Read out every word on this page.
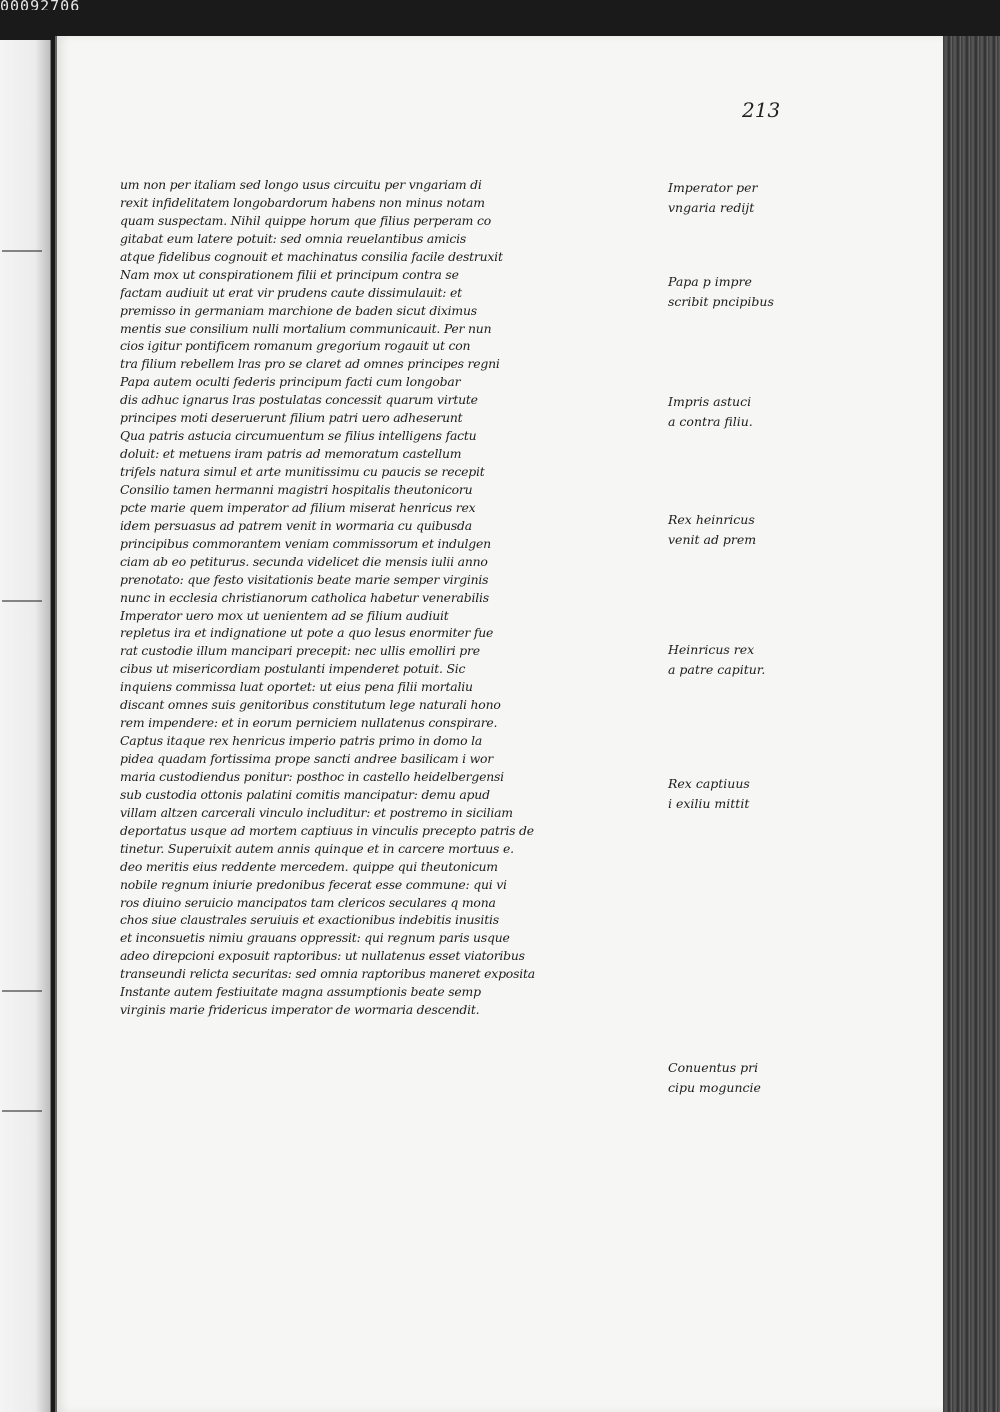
00092706
213
um non per italiam sed longo usus circuitu per vngariam di
rexit infidelitatem longobardorum habens non minus notam
quam suspectam. Nihil quippe horum que filius perperam co
gitabat eum latere potuit: sed omnia reuelantibus amicis
atque fidelibus cognouit et machinatus consilia facile destruxit
Nam mox ut conspirationem filii et principum contra se
factam audiuit ut erat vir prudens caute dissimulauit: et
premisso in germaniam marchione de baden sicut diximus
mentis sue consilium nulli mortalium communicauit. Per nun
cios igitur pontificem romanum gregorium rogauit ut con
tra filium rebellem lras pro se claret ad omnes principes regni
Papa autem oculti federis principum facti cum longobar
dis adhuc ignarus lras postulatas concessit quarum virtute
principes moti deseruerunt filium patri uero adheserunt
Qua patris astucia circumuentum se filius intelligens factu
doluit: et metuens iram patris ad memoratum castellum
trifels natura simul et arte munitissimu cu paucis se recepit
Consilio tamen hermanni magistri hospitalis theutonicoru
pcte marie quem imperator ad filium miserat henricus rex
idem persuasus ad patrem venit in wormaria cu quibusda
principibus commorantem veniam commissorum et indulgen
ciam ab eo petiturus. secunda videlicet die mensis iulii anno
prenotato: que festo visitationis beate marie semper virginis
nunc in ecclesia christianorum catholica habetur venerabilis
Imperator uero mox ut uenientem ad se filium audiuit
repletus ira et indignatione ut pote a quo lesus enormiter fue
rat custodie illum mancipari precepit: nec ullis emolliri pre
cibus ut misericordiam postulanti impenderet potuit. Sic
inquiens commissa luat oportet: ut eius pena filii mortaliu
discant omnes suis genitoribus constitutum lege naturali hono
rem impendere: et in eorum perniciem nullatenus conspirare.
Captus itaque rex henricus imperio patris primo in domo la
pidea quadam fortissima prope sancti andree basilicam i wor
maria custodiendus ponitur: posthoc in castello heidelbergensi
sub custodia ottonis palatini comitis mancipatur: demu apud
villam altzen carcerali vinculo includitur: et postremo in siciliam
deportatus usque ad mortem captiuus in vinculis precepto patris de
tinetur. Superuixit autem annis quinque et in carcere mortuus e.
deo meritis eius reddente mercedem. quippe qui theutonicum
nobile regnum iniurie predonibus fecerat esse commune: qui vi
ros diuino seruicio mancipatos tam clericos seculares q mona
chos siue claustrales seruiuis et exactionibus indebitis inusitis
et inconsuetis nimiu grauans oppressit: qui regnum paris usque
adeo direpcioni exposuit raptoribus: ut nullatenus esset viatoribus
transeundi relicta securitas: sed omnia raptoribus maneret exposita
Instante autem festiuitate magna assumptionis beate semp
virginis marie fridericus imperator de wormaria descendit.
Imperator per
vngaria redijt
Papa p impre
scribit pncipibus
Impris astuci
a contra filiu.
Rex heinricus
venit ad prem
Heinricus rex
a patre capitur.
Rex captiuus
i exiliu mittit
Conuentus pri
cipu moguncie
